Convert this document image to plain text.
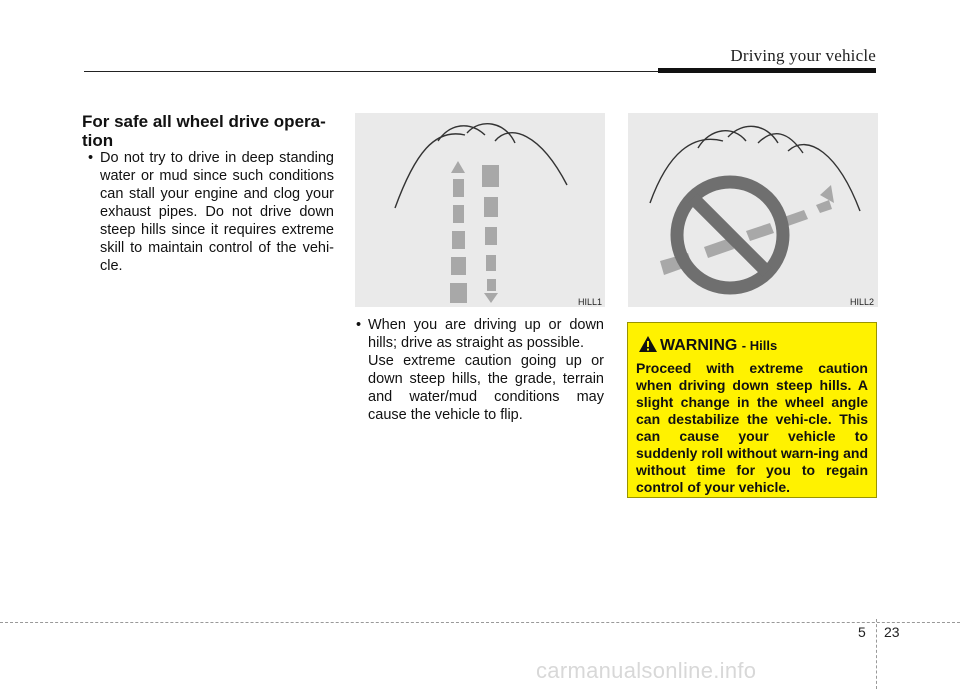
Driving your vehicle
For safe all wheel drive opera-
tion
• Do not try to drive in deep standing water or mud since such conditions can stall your engine and clog your exhaust pipes. Do not drive down steep hills since it requires extreme skill to maintain control of the vehi-cle.
HILL1	HILL2
• When you are driving up or down hills; drive as straight as possible.
Use extreme caution going up or down steep hills, the grade, terrain and water/mud conditions may cause the vehicle to flip.
WARNING - Hills
Proceed with extreme caution when driving down steep hills. A slight change in the wheel angle can destabilize the vehi-cle. This can cause your vehicle to suddenly roll without warn-ing and without time for you to regain control of your vehicle.
5 23
carmanualsonline.info
